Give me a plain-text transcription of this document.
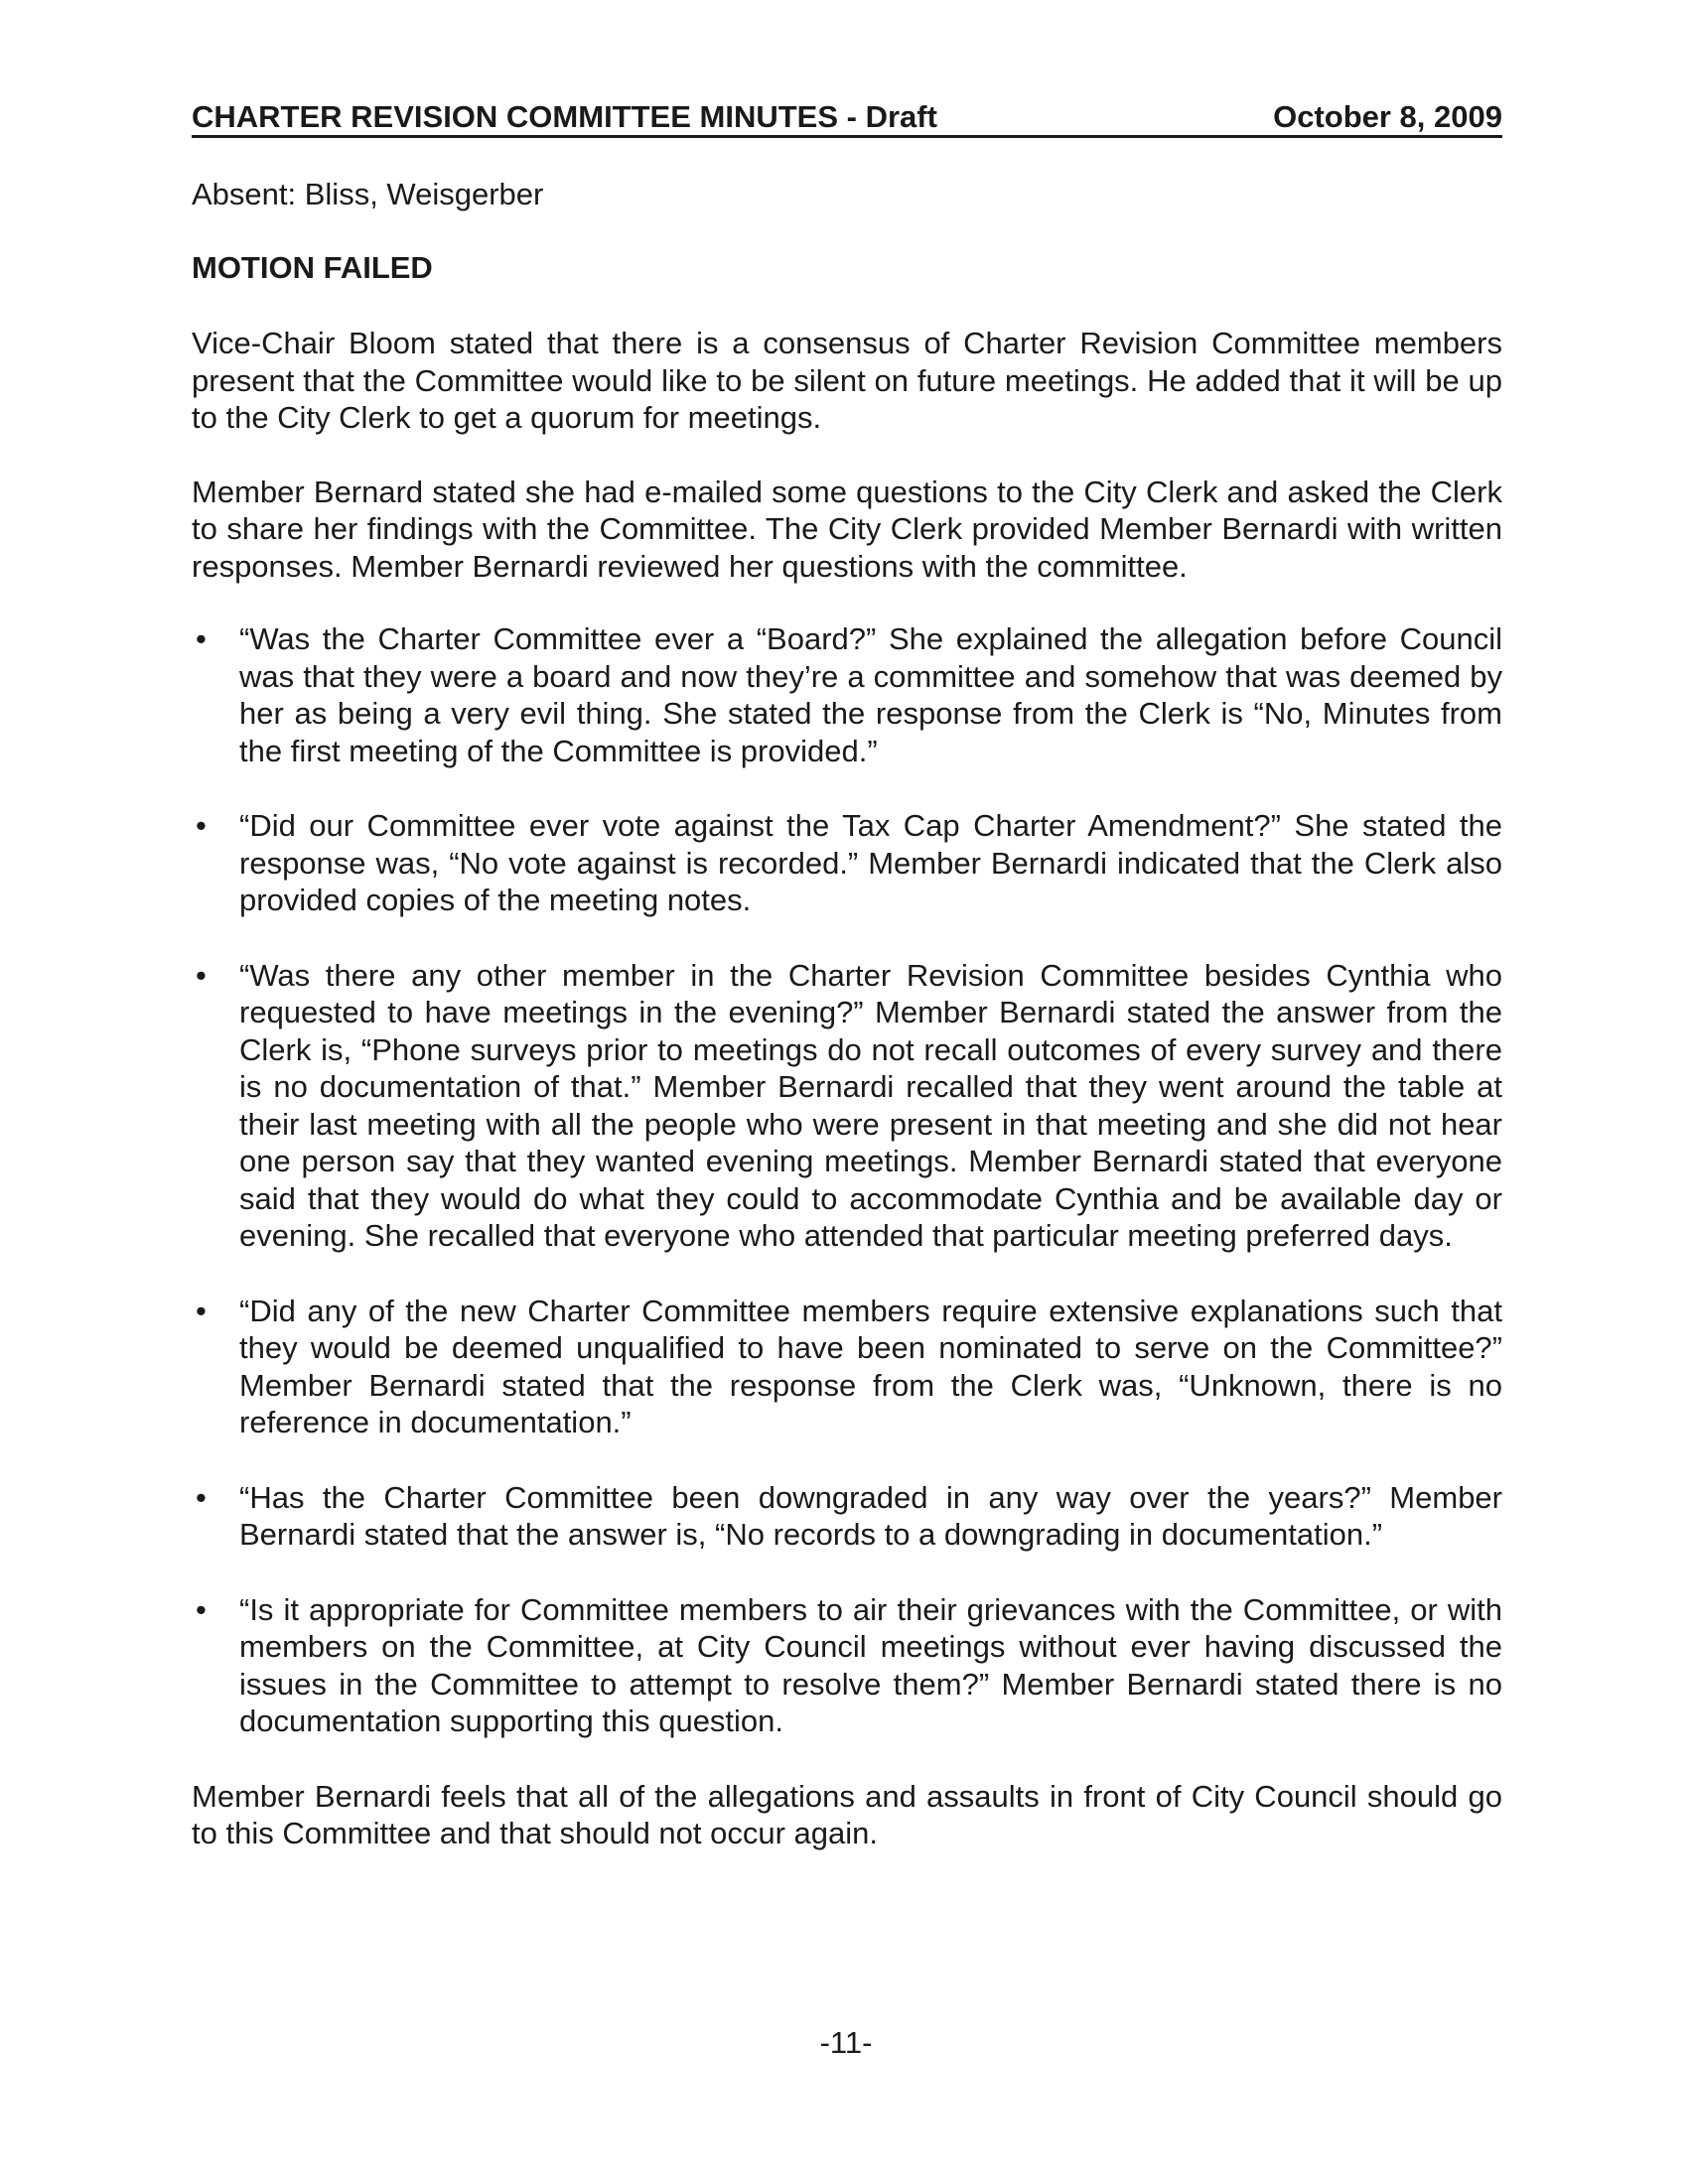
CHARTER REVISION COMMITTEE MINUTES - Draft	October 8, 2009
Absent: Bliss, Weisgerber
MOTION FAILED

Vice-Chair Bloom stated that there is a consensus of Charter Revision Committee members present that the Committee would like to be silent on future meetings. He added that it will be up to the City Clerk to get a quorum for meetings.

Member Bernard stated she had e-mailed some questions to the City Clerk and asked the Clerk to share her findings with the Committee. The City Clerk provided Member Bernardi with written responses. Member Bernardi reviewed her questions with the committee.

• “Was the Charter Committee ever a “Board?” She explained the allegation before Council was that they were a board and now they’re a committee and somehow that was deemed by her as being a very evil thing. She stated the response from the Clerk is “No, Minutes from the first meeting of the Committee is provided.”

• “Did our Committee ever vote against the Tax Cap Charter Amendment?” She stated the response was, “No vote against is recorded.” Member Bernardi indicated that the Clerk also provided copies of the meeting notes.

• “Was there any other member in the Charter Revision Committee besides Cynthia who requested to have meetings in the evening?” Member Bernardi stated the answer from the Clerk is, “Phone surveys prior to meetings do not recall outcomes of every survey and there is no documentation of that.” Member Bernardi recalled that they went around the table at their last meeting with all the people who were present in that meeting and she did not hear one person say that they wanted evening meetings. Member Bernardi stated that everyone said that they would do what they could to accommodate Cynthia and be available day or evening. She recalled that everyone who attended that particular meeting preferred days.

• “Did any of the new Charter Committee members require extensive explanations such that they would be deemed unqualified to have been nominated to serve on the Committee?” Member Bernardi stated that the response from the Clerk was, “Unknown, there is no reference in documentation.”

• “Has the Charter Committee been downgraded in any way over the years?” Member Bernardi stated that the answer is, “No records to a downgrading in documentation.”

• “Is it appropriate for Committee members to air their grievances with the Committee, or with members on the Committee, at City Council meetings without ever having discussed the issues in the Committee to attempt to resolve them?” Member Bernardi stated there is no documentation supporting this question.

Member Bernardi feels that all of the allegations and assaults in front of City Council should go to this Committee and that should not occur again.

-11-
